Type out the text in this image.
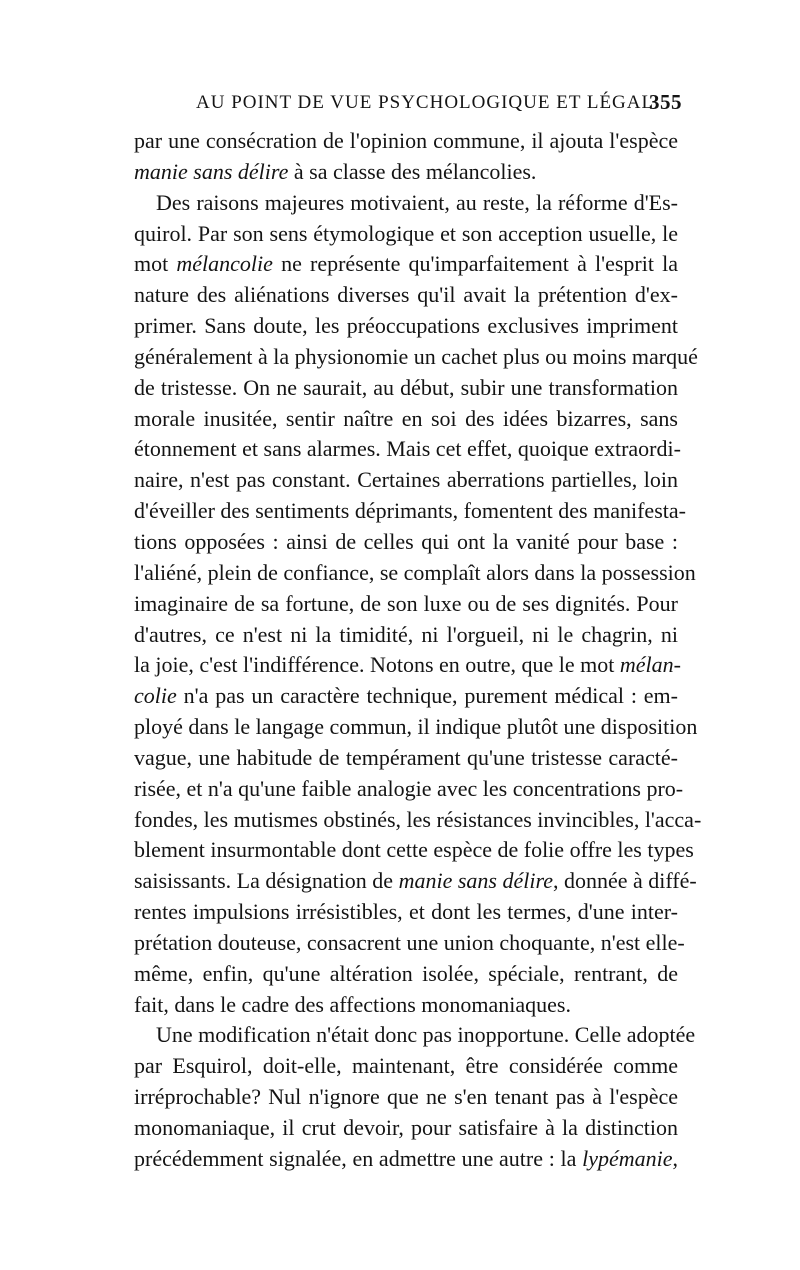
AU POINT DE VUE PSYCHOLOGIQUE ET LÉGAL.
355
par une consécration de l'opinion commune, il ajouta l'espèce
manie sans délire à sa classe des mélancolies.
Des raisons majeures motivaient, au reste, la réforme d'Es-
quirol. Par son sens étymologique et son acception usuelle, le
mot mélancolie ne représente qu'imparfaitement à l'esprit la
nature des aliénations diverses qu'il avait la prétention d'ex-
primer. Sans doute, les préoccupations exclusives impriment
généralement à la physionomie un cachet plus ou moins marqué
de tristesse. On ne saurait, au début, subir une transformation
morale inusitée, sentir naître en soi des idées bizarres, sans
étonnement et sans alarmes. Mais cet effet, quoique extraordi-
naire, n'est pas constant. Certaines aberrations partielles, loin
d'éveiller des sentiments déprimants, fomentent des manifesta-
tions opposées : ainsi de celles qui ont la vanité pour base :
l'aliéné, plein de confiance, se complaît alors dans la possession
imaginaire de sa fortune, de son luxe ou de ses dignités. Pour
d'autres, ce n'est ni la timidité, ni l'orgueil, ni le chagrin, ni
la joie, c'est l'indifférence. Notons en outre, que le mot mélan-
colie n'a pas un caractère technique, purement médical : em-
ployé dans le langage commun, il indique plutôt une disposition
vague, une habitude de tempérament qu'une tristesse caracté-
risée, et n'a qu'une faible analogie avec les concentrations pro-
fondes, les mutismes obstinés, les résistances invincibles, l'acca-
blement insurmontable dont cette espèce de folie offre les types
saisissants. La désignation de manie sans délire, donnée à diffé-
rentes impulsions irrésistibles, et dont les termes, d'une inter-
prétation douteuse, consacrent une union choquante, n'est elle-
même, enfin, qu'une altération isolée, spéciale, rentrant, de
fait, dans le cadre des affections monomaniaques.
Une modification n'était donc pas inopportune. Celle adoptée
par Esquirol, doit-elle, maintenant, être considérée comme
irréprochable? Nul n'ignore que ne s'en tenant pas à l'espèce
monomaniaque, il crut devoir, pour satisfaire à la distinction
précédemment signalée, en admettre une autre : la lypémanie,
